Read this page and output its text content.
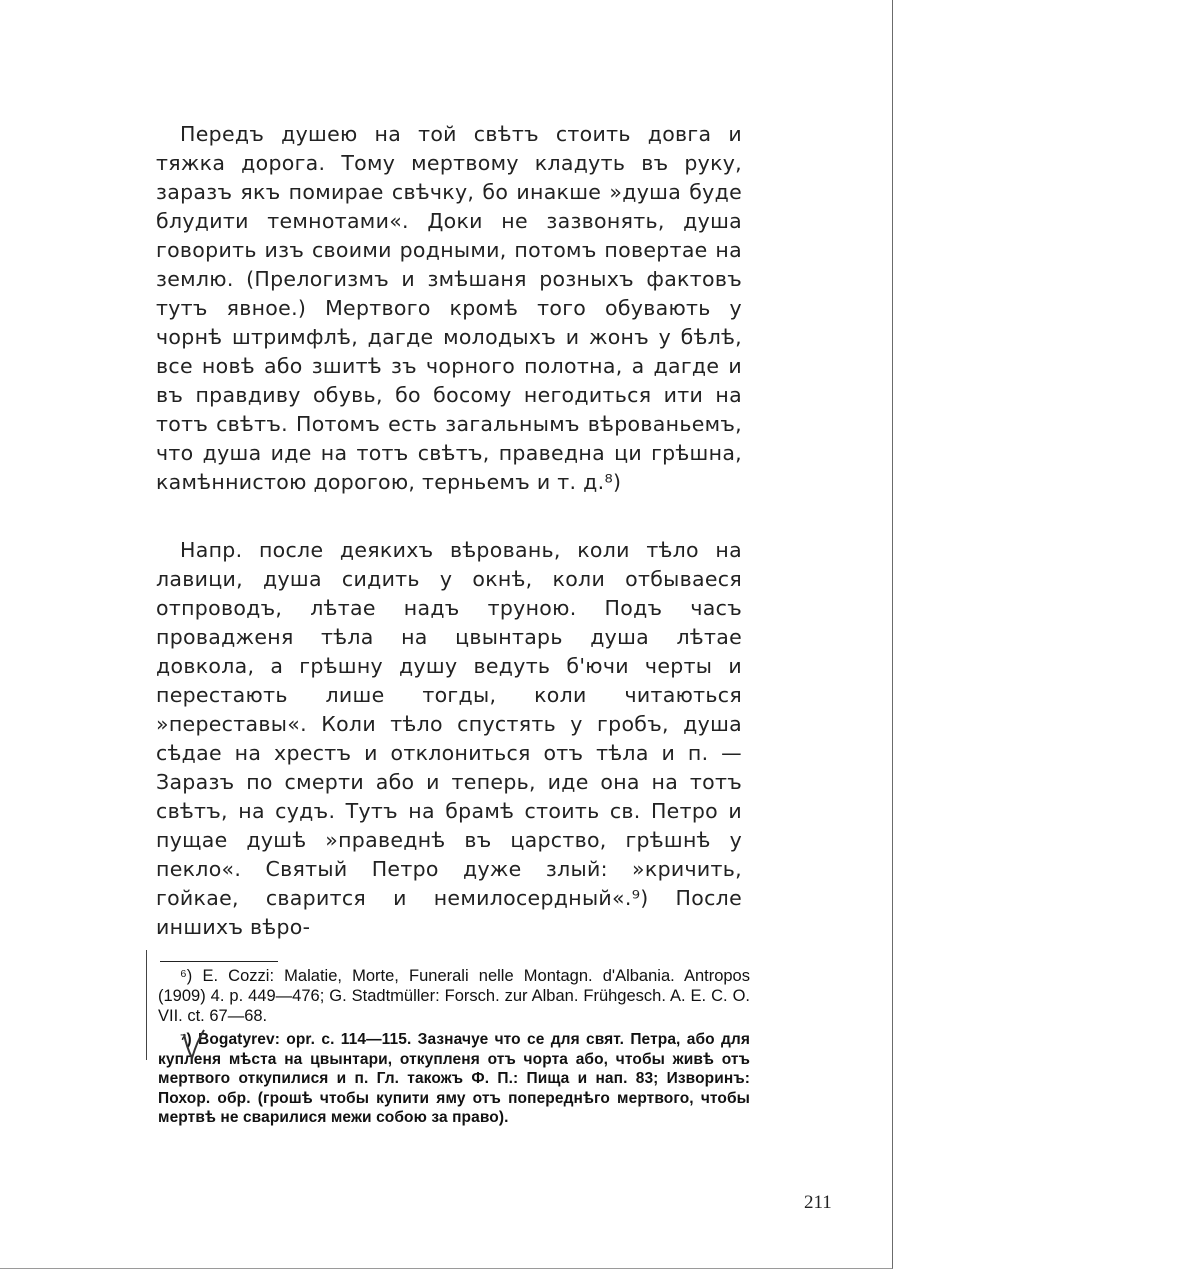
Передъ душею на той свѣтъ стоить довга и тяжка дорога. Тому мертвому кладуть въ руку, заразъ якъ помирае свѣчку, бо инакше »душа буде блудити темнотами«. Доки не зазвонять, душа говорить изъ своими родными, потомъ повертае на землю. (Прелогизмъ и змѣшаня розныхъ фактовъ тутъ явное.) Мертвого кромѣ того обувають у чорнѣ штримфлѣ, дагде молодыхъ и жонъ у бѣлѣ, все новѣ або зшитѣ зъ чорного полотна, а дагде и въ правдиву обувь, бо босому негодиться ити на тотъ свѣтъ. Потомъ есть загальнымъ вѣрованьемъ, что душа иде на тотъ свѣтъ, праведна ци грѣшна, камѣннистою дорогою, терньемъ и т. д.⁸)

Напр. после деякихъ вѣровань, коли тѣло на лавици, душа сидить у окнѣ, коли отбываеся отпроводъ, лѣтае надъ труною. Подъ часъ провадженя тѣла на цвынтарь душа лѣтае довкола, а грѣшну душу ведуть б'ючи черты и перестають лише тогды, коли читаються »переставы«. Коли тѣло спустять у гробъ, душа сѣдае на хрестъ и отклониться отъ тѣла и п. — Заразъ по смерти або и теперь, иде она на тотъ свѣтъ, на судъ. Тутъ на брамѣ стоить св. Петро и пущае душѣ »праведнѣ въ царство, грѣшнѣ у пекло«. Святый Петро дуже злый: »кричить, гойкае, сварится и немилосердный«.⁹) После иншихъ вѣро-

⁶) E. Cozzi: Malatie, Morte, Funerali nelle Montagn. d'Albania. Antropos (1909) 4. p. 449—476; G. Stadtmüller: Forsch. zur Alban. Frühgesch. A. E. C. O. VII. ct. 67—68.

⁷) Bogatyrev: opr. c. 114—115. Зазначуе что се для свят. Петра, або для купленя мѣста на цвынтари, откупленя отъ чорта або, чтобы живѣ отъ мертвого откупилися и п. Гл. такожъ Ф. П.: Пища и нап. 83; Изворинъ: Похор. обр. (грошѣ чтобы купити яму отъ попереднѣго мертвого, чтобы мертвѣ не сварилися межи собою за право).

211
